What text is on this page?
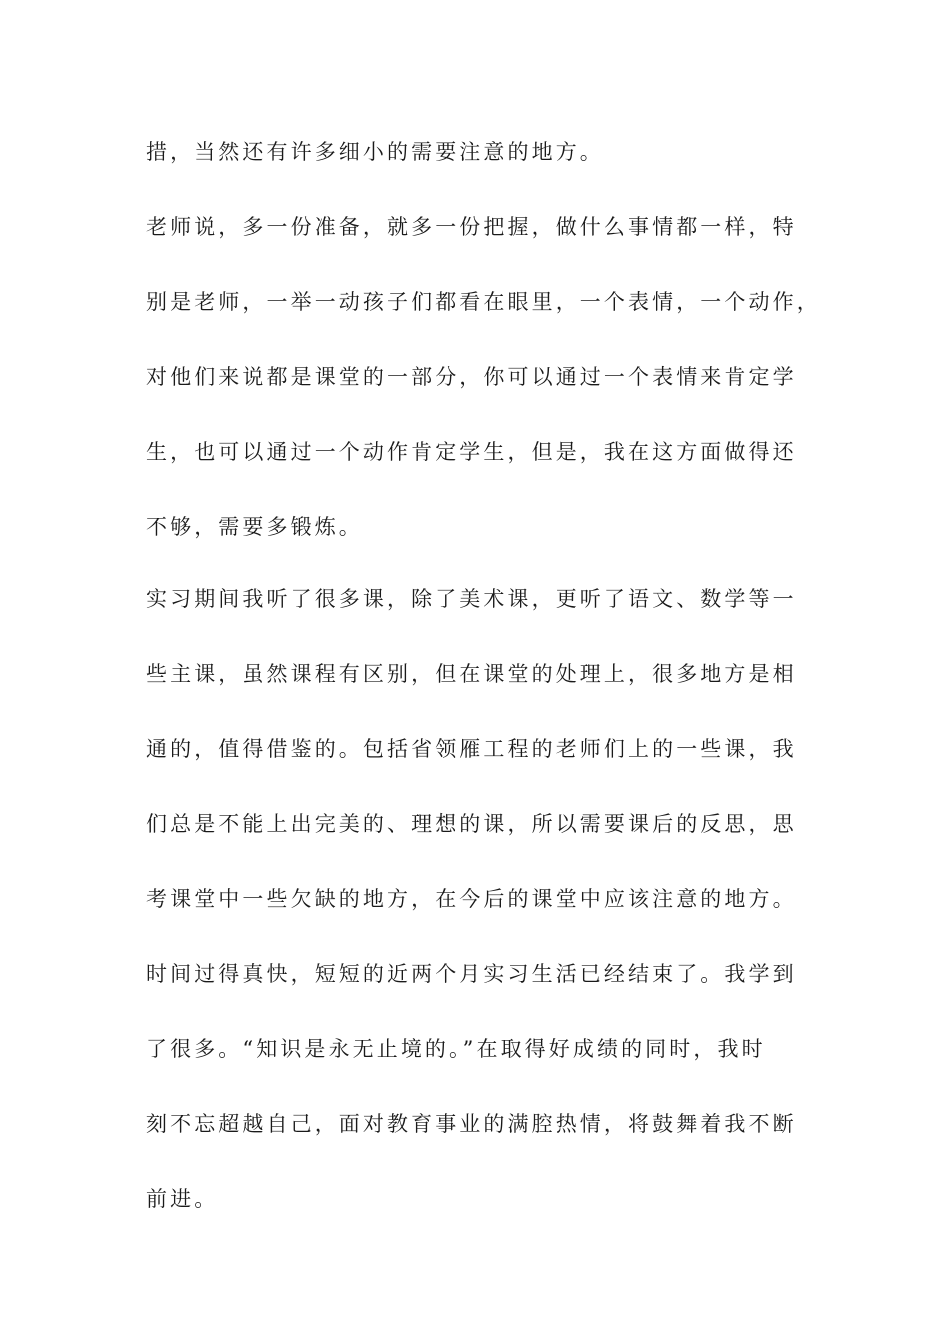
措，当然还有许多细小的需要注意的地方。

老师说，多一份准备，就多一份把握，做什么事情都一样，特

别是老师，一举一动孩子们都看在眼里，一个表情，一个动作，

对他们来说都是课堂的一部分，你可以通过一个表情来肯定学

生，也可以通过一个动作肯定学生，但是，我在这方面做得还

不够，需要多锻炼。

实习期间我听了很多课，除了美术课，更听了语文、数学等一

些主课，虽然课程有区别，但在课堂的处理上，很多地方是相

通的，值得借鉴的。包括省领雁工程的老师们上的一些课，我

们总是不能上出完美的、理想的课，所以需要课后的反思，思

考课堂中一些欠缺的地方，在今后的课堂中应该注意的地方。

时间过得真快，短短的近两个月实习生活已经结束了。我学到

了很多。“知识是永无止境的。”在取得好成绩的同时，我时

刻不忘超越自己，面对教育事业的满腔热情，将鼓舞着我不断

前进。
